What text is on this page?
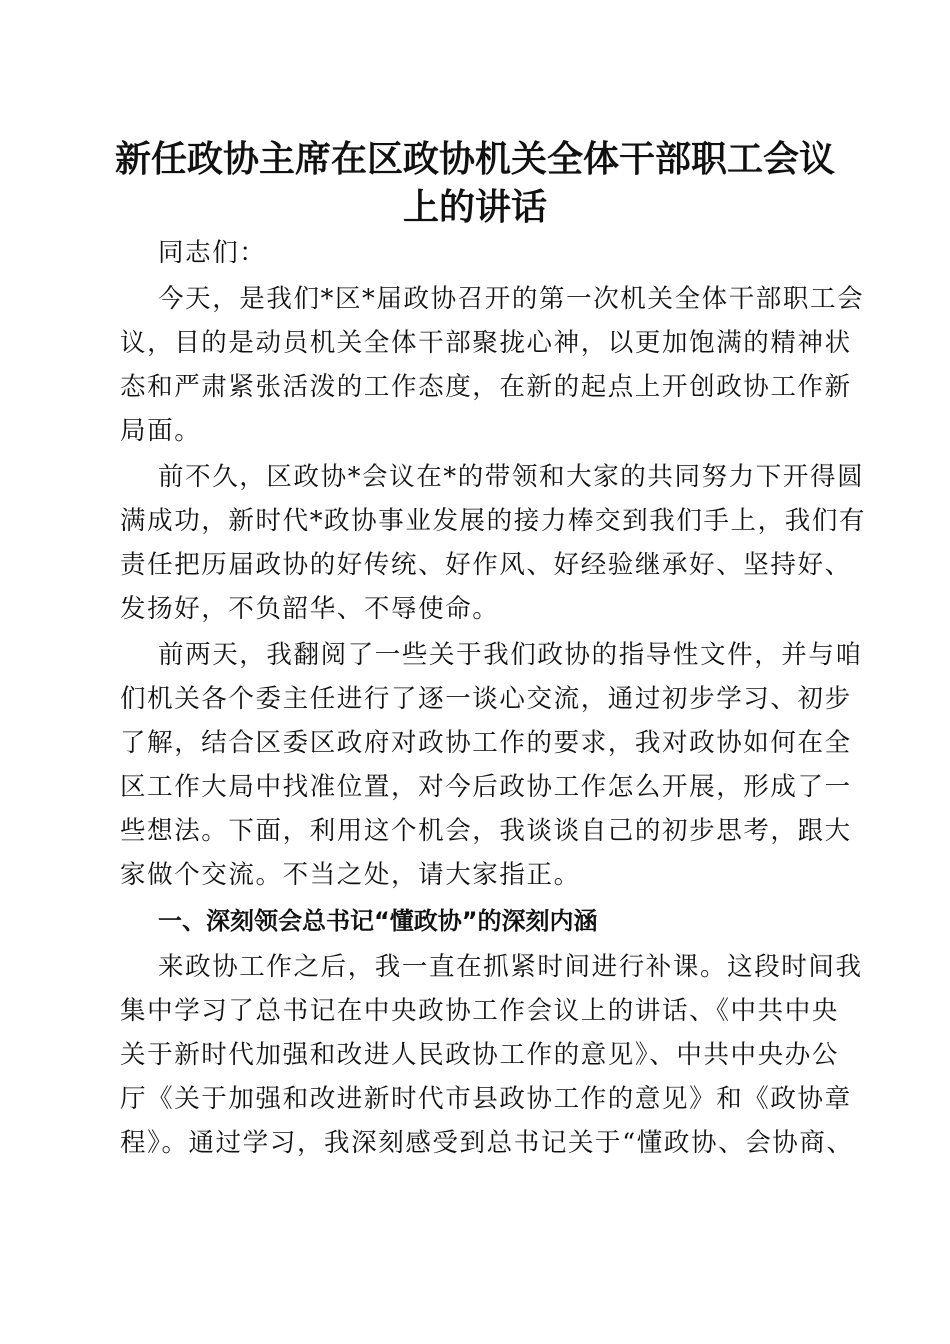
新任政协主席在区政协机关全体干部职工会议
上的讲话

同志们：

今天，是我们*区*届政协召开的第一次机关全体干部职工会

议，目的是动员机关全体干部聚拢心神，以更加饱满的精神状

态和严肃紧张活泼的工作态度，在新的起点上开创政协工作新

局面。

前不久，区政协*会议在*的带领和大家的共同努力下开得圆

满成功，新时代*政协事业发展的接力棒交到我们手上，我们有

责任把历届政协的好传统、好作风、好经验继承好、坚持好、

发扬好，不负韶华、不辱使命。

前两天，我翻阅了一些关于我们政协的指导性文件，并与咱

们机关各个委主任进行了逐一谈心交流，通过初步学习、初步

了解，结合区委区政府对政协工作的要求，我对政协如何在全

区工作大局中找准位置，对今后政协工作怎么开展，形成了一

些想法。下面，利用这个机会，我谈谈自己的初步思考，跟大

家做个交流。不当之处，请大家指正。

一、深刻领会总书记“懂政协”的深刻内涵

来政协工作之后，我一直在抓紧时间进行补课。这段时间我

集中学习了总书记在中央政协工作会议上的讲话、《中共中央

关于新时代加强和改进人民政协工作的意见》、中共中央办公

厅《关于加强和改进新时代市县政协工作的意见》和《政协章

程》。通过学习，我深刻感受到总书记关于“懂政协、会协商、
